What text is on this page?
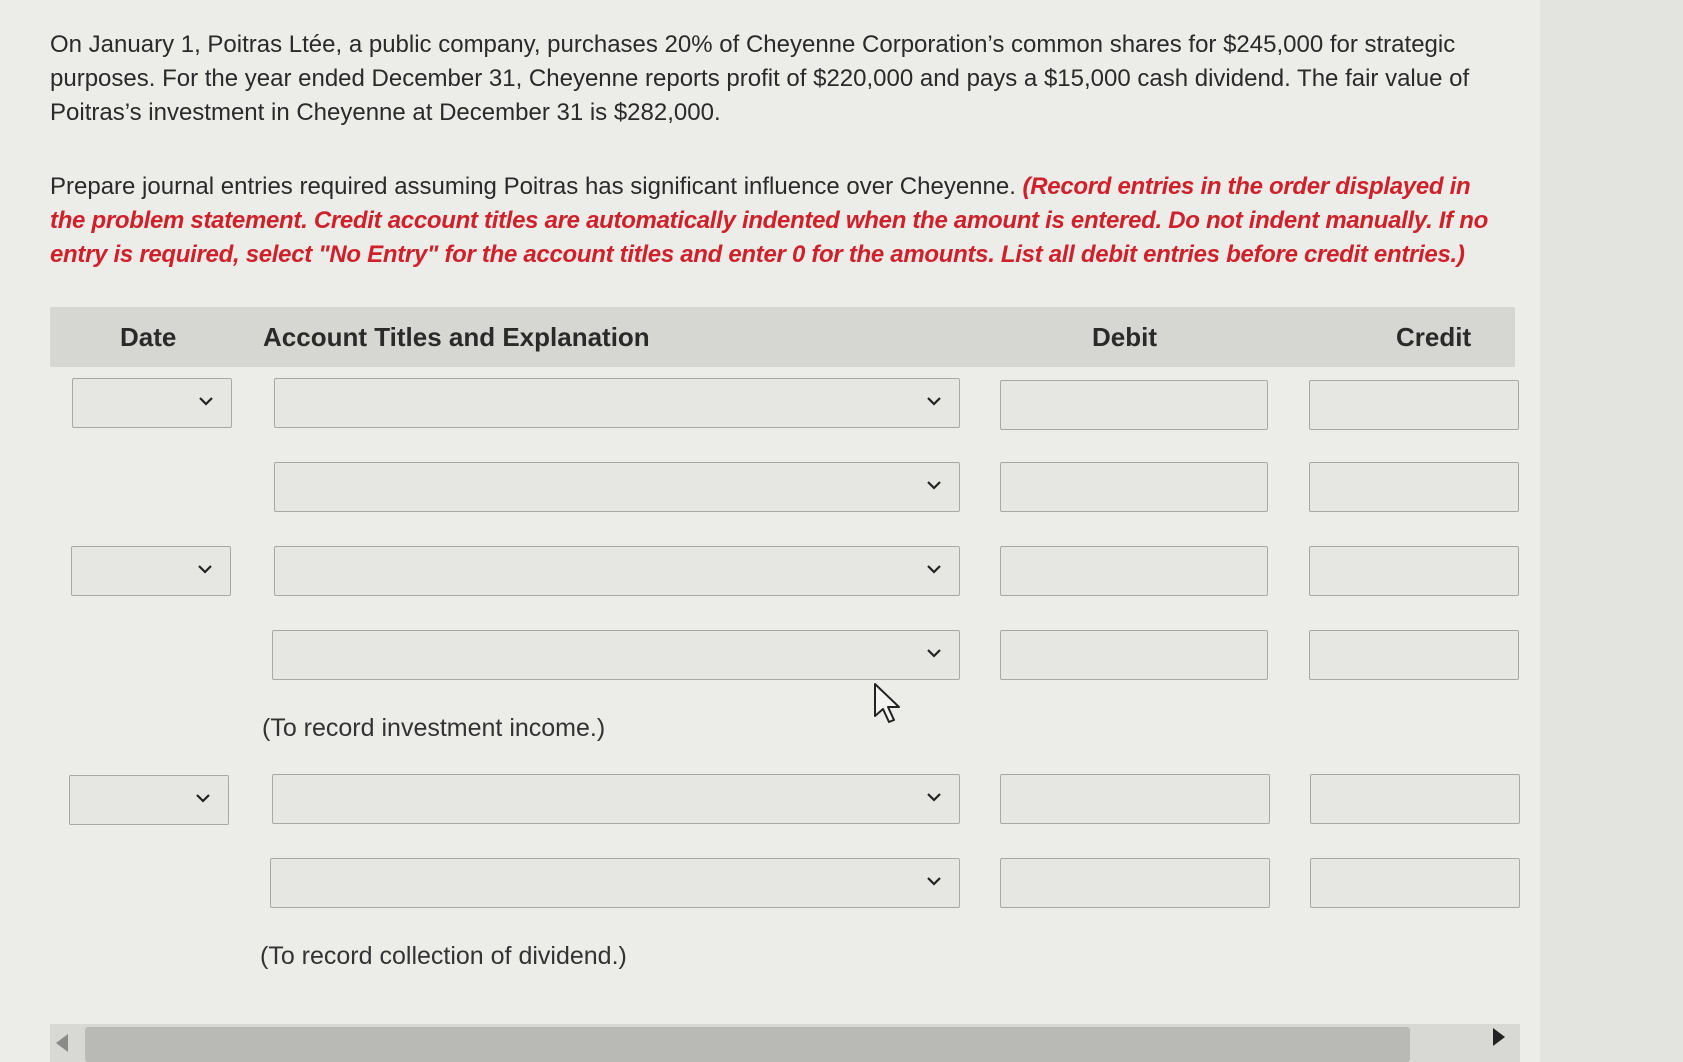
On January 1, Poitras Ltée, a public company, purchases 20% of Cheyenne Corporation’s common shares for $245,000 for strategic purposes. For the year ended December 31, Cheyenne reports profit of $220,000 and pays a $15,000 cash dividend. The fair value of Poitras’s investment in Cheyenne at December 31 is $282,000.
Prepare journal entries required assuming Poitras has significant influence over Cheyenne. (Record entries in the order displayed in the problem statement. Credit account titles are automatically indented when the amount is entered. Do not indent manually. If no entry is required, select "No Entry" for the account titles and enter 0 for the amounts. List all debit entries before credit entries.)
Date	Account Titles and Explanation	Debit	Credit
(To record investment income.)
(To record collection of dividend.)
